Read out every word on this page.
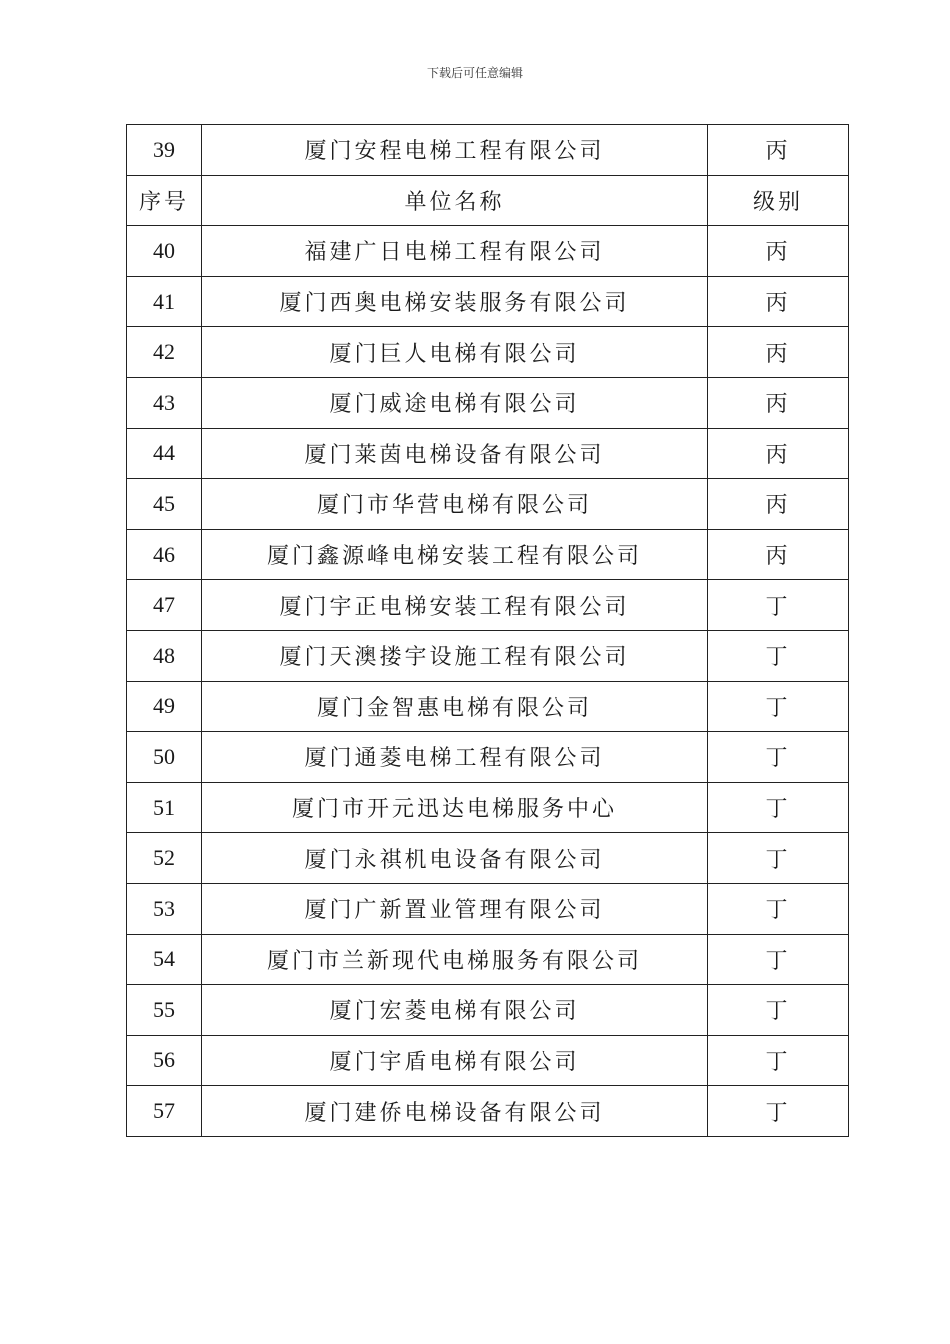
下载后可任意编辑
39	厦门安程电梯工程有限公司	丙
序号	单位名称	级别
40	福建广日电梯工程有限公司	丙
41	厦门西奥电梯安装服务有限公司	丙
42	厦门巨人电梯有限公司	丙
43	厦门威途电梯有限公司	丙
44	厦门莱茵电梯设备有限公司	丙
45	厦门市华营电梯有限公司	丙
46	厦门鑫源峰电梯安装工程有限公司	丙
47	厦门宇正电梯安装工程有限公司	丁
48	厦门天澳搂宇设施工程有限公司	丁
49	厦门金智惠电梯有限公司	丁
50	厦门通菱电梯工程有限公司	丁
51	厦门市开元迅达电梯服务中心	丁
52	厦门永祺机电设备有限公司	丁
53	厦门广新置业管理有限公司	丁
54	厦门市兰新现代电梯服务有限公司	丁
55	厦门宏菱电梯有限公司	丁
56	厦门宇盾电梯有限公司	丁
57	厦门建侨电梯设备有限公司	丁
